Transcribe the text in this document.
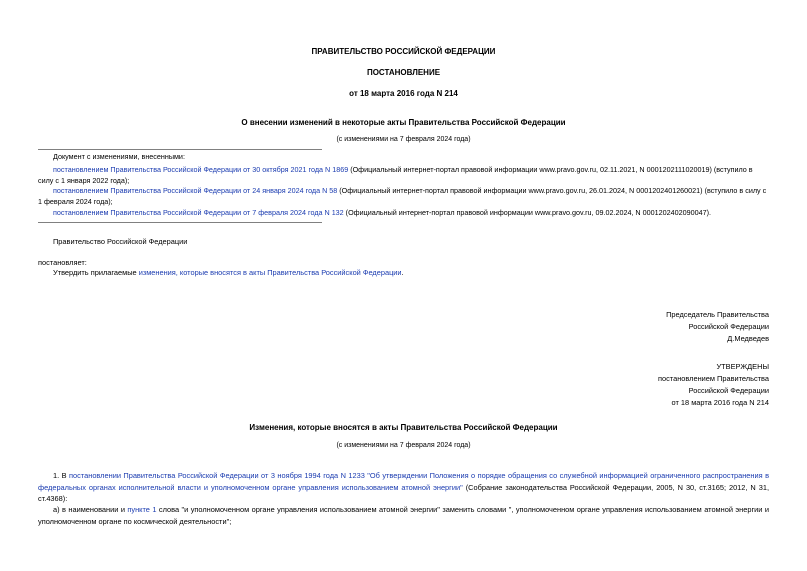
ПРАВИТЕЛЬСТВО РОССИЙСКОЙ ФЕДЕРАЦИИ
ПОСТАНОВЛЕНИЕ
от 18 марта 2016 года N 214
О внесении изменений в некоторые акты Правительства Российской Федерации
(с изменениями на 7 февраля 2024 года)
Документ с изменениями, внесенными:
постановлением Правительства Российской Федерации от 30 октября 2021 года N 1869 (Официальный интернет-портал правовой информации www.pravo.gov.ru, 02.11.2021, N 0001202111020019) (вступило в
силу с 1 января 2022 года);
постановлением Правительства Российской Федерации от 24 января 2024 года N 58 (Официальный интернет-портал правовой информации www.pravo.gov.ru, 26.01.2024, N 0001202401260021) (вступило в силу с
1 февраля 2024 года);
постановлением Правительства Российской Федерации от 7 февраля 2024 года N 132 (Официальный интернет-портал правовой информации www.pravo.gov.ru, 09.02.2024, N 0001202402090047).
Правительство Российской Федерации
постановляет:
Утвердить прилагаемые изменения, которые вносятся в акты Правительства Российской Федерации.
Председатель Правительства
Российской Федерации
Д.Медведев
УТВЕРЖДЕНЫ
постановлением Правительства
Российской Федерации
от 18 марта 2016 года N 214
Изменения, которые вносятся в акты Правительства Российской Федерации
(с изменениями на 7 февраля 2024 года)
1. В постановлении Правительства Российской Федерации от 3 ноября 1994 года N 1233 "Об утверждении Положения о порядке обращения со служебной информацией ограниченного распространения в федеральных органах исполнительной власти и уполномоченном органе управления использованием атомной энергии" (Собрание законодательства Российской Федерации, 2005, N 30, ст.3165; 2012, N 31, ст.4368):
а) в наименовании и пункте 1 слова "и уполномоченном органе управления использованием атомной энергии" заменить словами ", уполномоченном органе управления использованием атомной энергии и уполномоченном органе по космической деятельности";
